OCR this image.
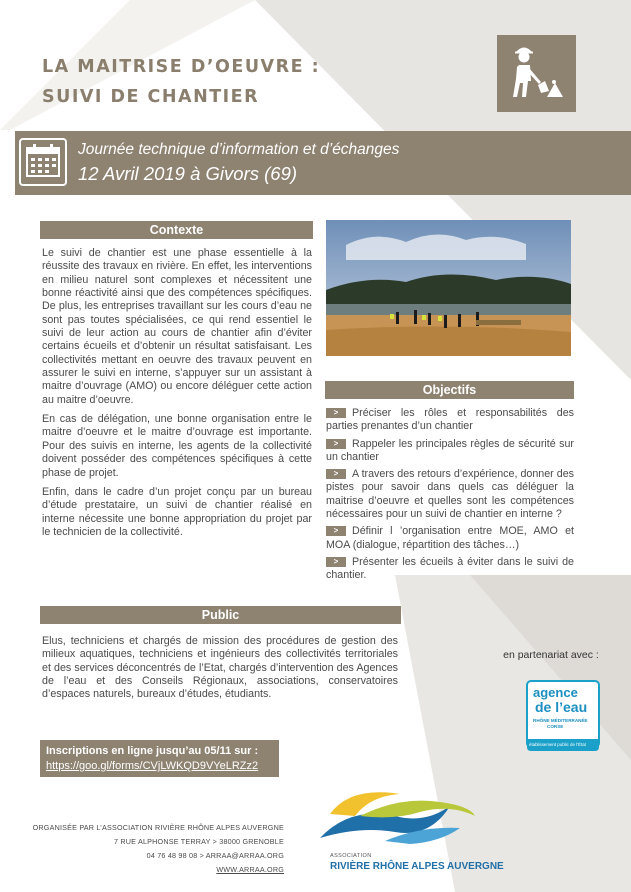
LA MAITRISE D’OEUVRE :
SUIVI DE CHANTIER
Journée technique d’information et d’échanges
12 Avril 2019 à Givors (69)
Contexte

Le suivi de chantier est une phase essentielle à la réussite des travaux en rivière. En effet, les interventions en milieu naturel sont complexes et nécessitent une bonne réactivité ainsi que des compétences spécifiques. De plus, les entreprises travaillant sur les cours d’eau ne sont pas toutes spécialisées, ce qui rend essentiel le suivi de leur action au cours de chantier afin d’éviter certains écueils et d’obtenir un résultat satisfaisant. Les collectivités mettant en oeuvre des travaux peuvent en assurer le suivi en interne, s’appuyer sur un assistant à maitre d’ouvrage (AMO) ou encore déléguer cette action au maitre d’oeuvre.

En cas de délégation, une bonne organisation entre le maitre d’oeuvre et le maitre d’ouvrage est importante. Pour des suivis en interne, les agents de la collectivité doivent posséder des compétences spécifiques à cette phase de projet.

Enfin, dans le cadre d’un projet conçu par un bureau d’étude prestataire, un suivi de chantier réalisé en interne nécessite une bonne appropriation du projet par le technicien de la collectivité.

Chantier sur la Turdine ©ARRA²
Objectifs
> Préciser les rôles et responsabilités des parties prenantes d’un chantier
> Rappeler les principales règles de sécurité sur un chantier
> A travers des retours d’expérience, donner des pistes pour savoir dans quels cas déléguer la maitrise d’oeuvre et quelles sont les compétences nécessaires pour un suivi de chantier en interne ?
> Définir l ’organisation entre MOE, AMO et MOA (dialogue, répartition des tâches…)
> Présenter les écueils à éviter dans le suivi de chantier.
Public
Elus, techniciens et chargés de mission des procédures de gestion des milieux aquatiques, techniciens et ingénieurs des collectivités territoriales et des services déconcentrés de l’Etat, chargés d’intervention des Agences de l’eau et des Conseils Régionaux, associations, conservatoires d’espaces naturels, bureaux d’études, étudiants.
en partenariat avec :
agence
de l’eau
RHÔNE MÉDITERRANÉE
CORSE
établissement public de l’État
Inscriptions en ligne jusqu’au 05/11 sur :
https://goo.gl/forms/CVjLWKQD9VYeLRZz2
ORGANISÉE PAR L’ASSOCIATION RIVIÈRE RHÔNE ALPES AUVERGNE
7 RUE ALPHONSE TERRAY > 38000 GRENOBLE
04 76 48 98 08 > ARRAA@ARRAA.ORG
WWW.ARRAA.ORG
ASSOCIATION
RIVIÈRE RHÔNE ALPES AUVERGNE
